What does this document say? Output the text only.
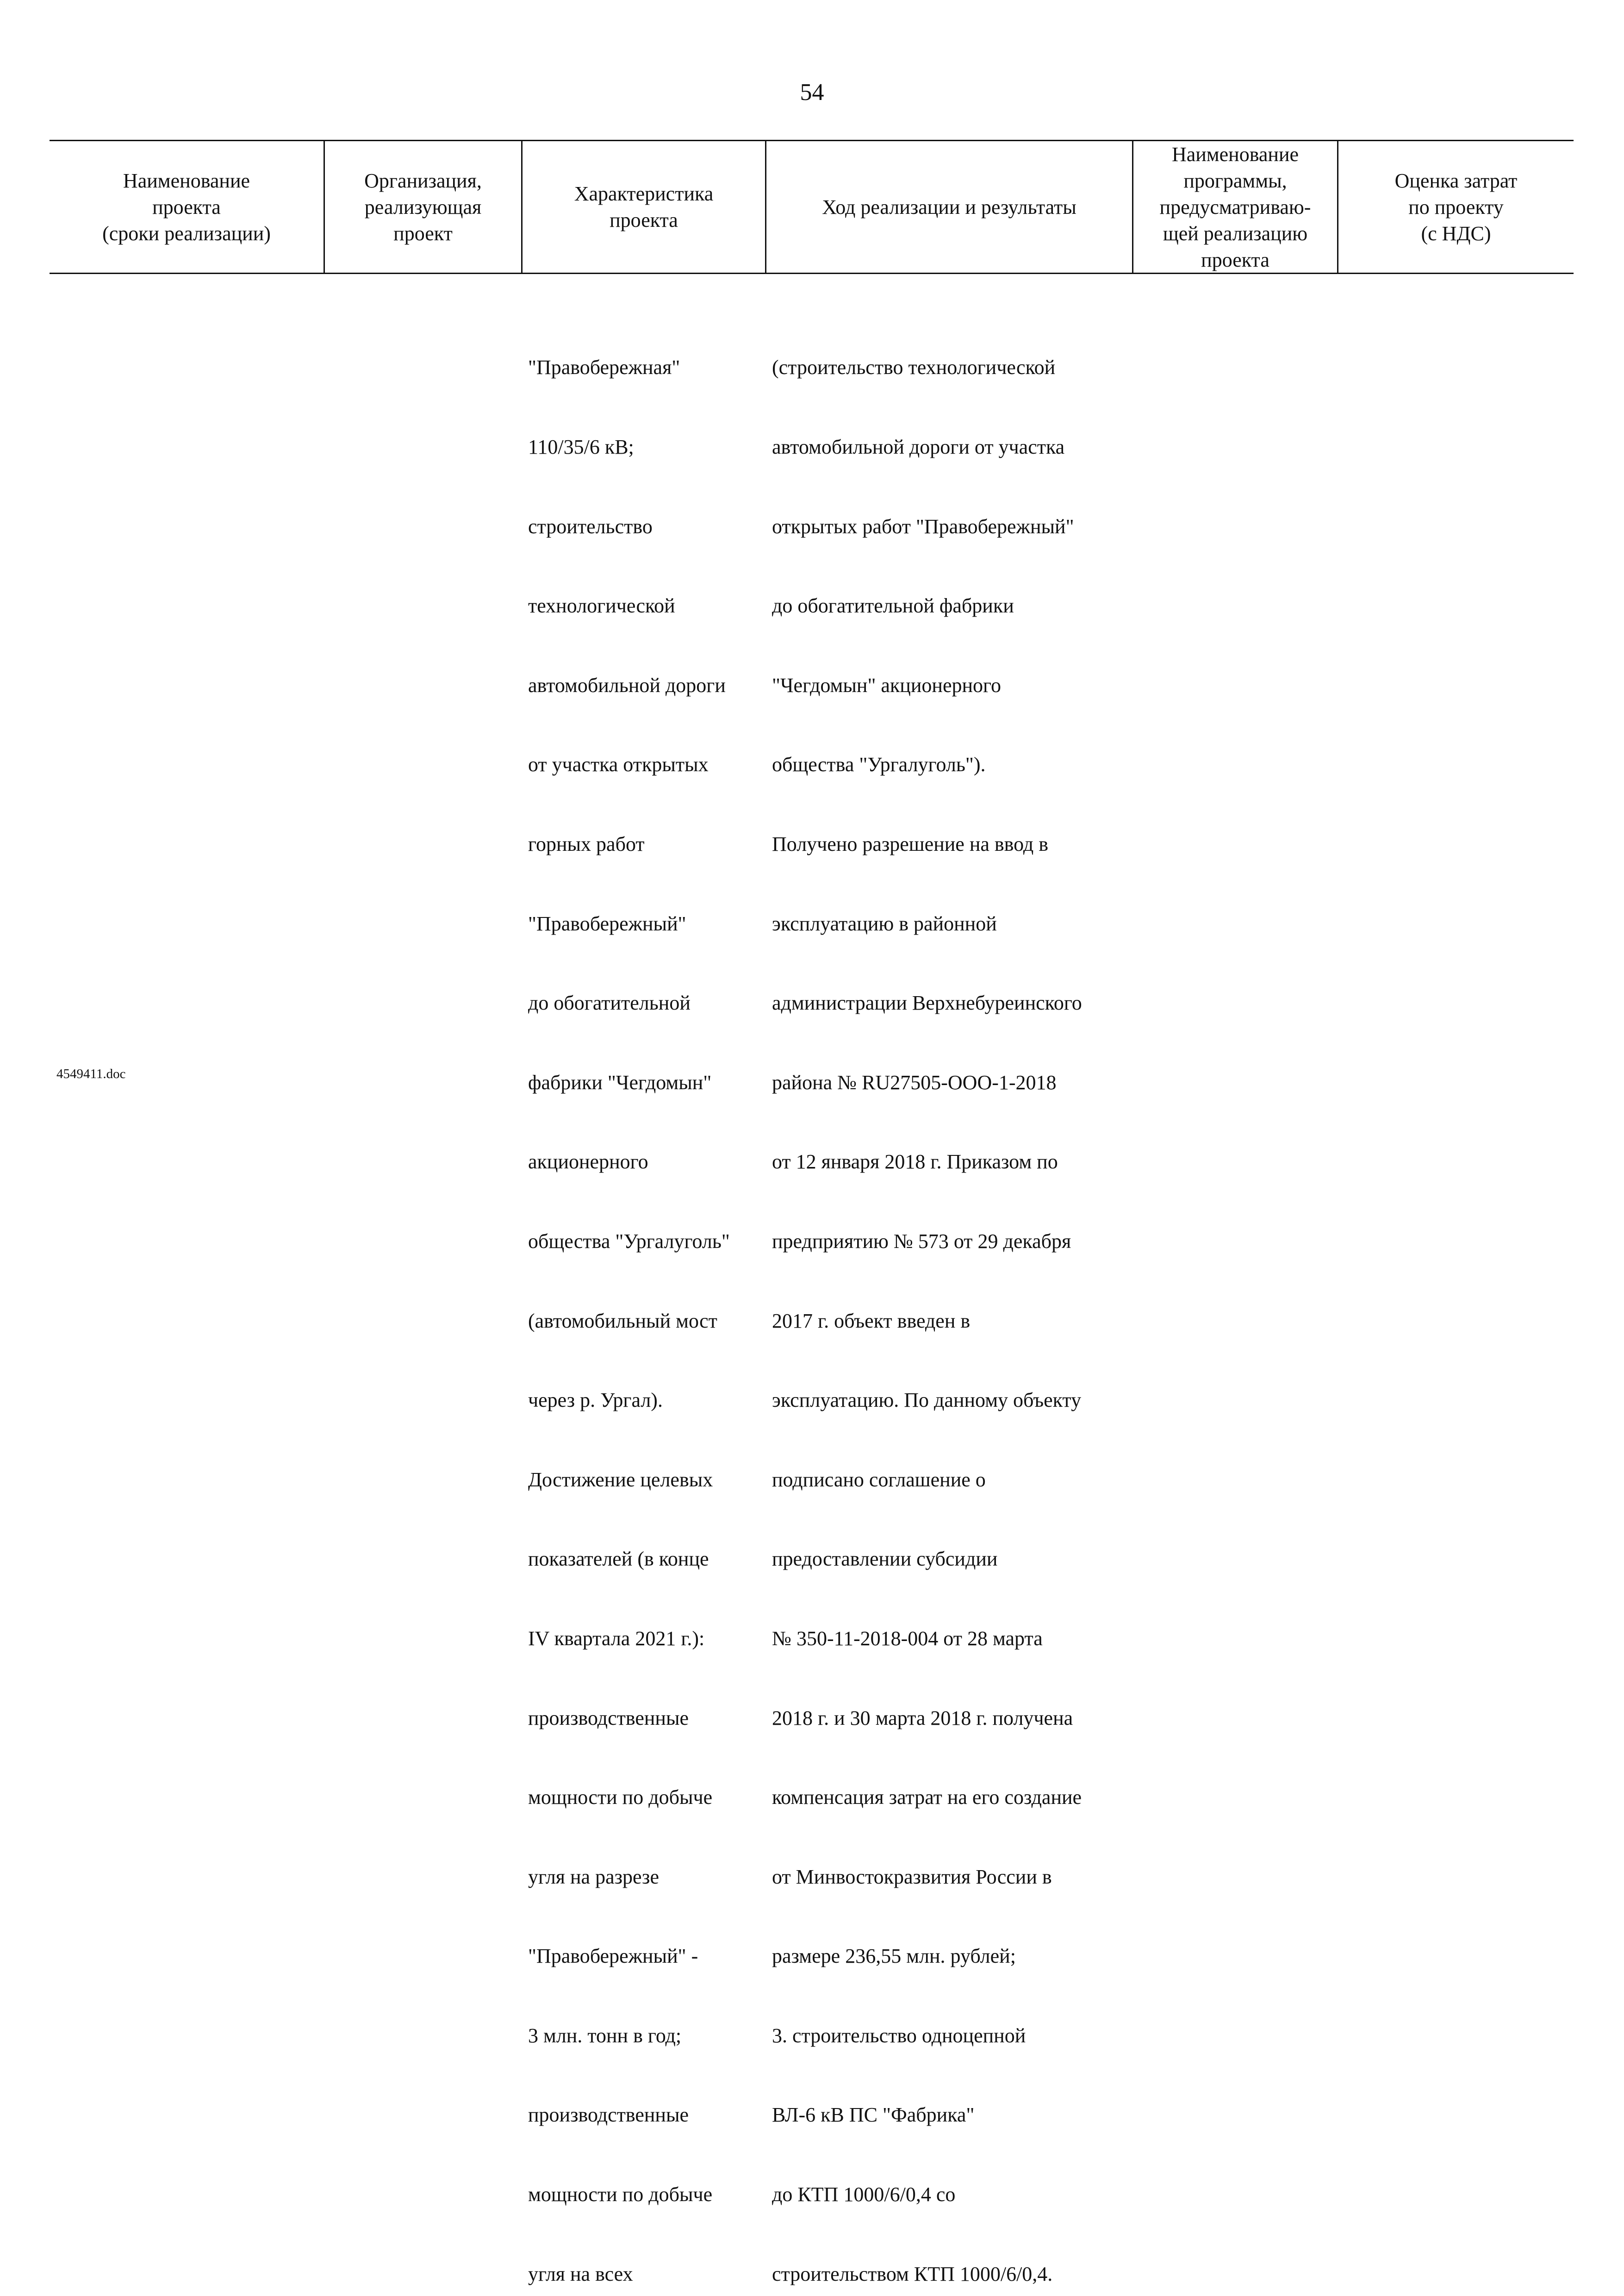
54
Наименование
проекта
(сроки реализации)
Организация,
реализующая
проект
Характеристика
проекта
Ход реализации и результаты
Наименование
программы,
предусматриваю-
щей реализацию
проекта
Оценка затрат
по проекту
(с НДС)

"Правобережная"

110/35/6 кВ;

строительство

технологической

автомобильной дороги

от участка открытых

горных работ

"Правобережный"

до обогатительной

фабрики "Чегдомын"

акционерного

общества "Ургалуголь"

(автомобильный мост

через р. Ургал).

Достижение целевых

показателей (в конце

IV квартала 2021 г.):

производственные

мощности по добыче

угля на разрезе

"Правобережный" -

3 млн. тонн в год;

производственные

мощности по добыче

угля на всех

(строительство технологической

автомобильной дороги от участка

открытых работ "Правобережный"

до обогатительной фабрики

"Чегдомын" акционерного

общества "Ургалуголь").

Получено разрешение на ввод в

эксплуатацию в районной

администрации Верхнебуреинского

района № RU27505-ООО-1-2018

от 12 января 2018 г. Приказом по

предприятию № 573 от 29 декабря

2017 г. объект введен в

эксплуатацию. По данному объекту

подписано соглашение о

предоставлении субсидии

№ 350-11-2018-004 от 28 марта

2018 г. и 30 марта 2018 г. получена

компенсация затрат на его создание

от Минвостокразвития России в

размере 236,55 млн. рублей;

3. строительство одноцепной

ВЛ-6 кВ ПС "Фабрика"

до КТП 1000/6/0,4 со

строительством КТП 1000/6/0,4.

4549411.doc
